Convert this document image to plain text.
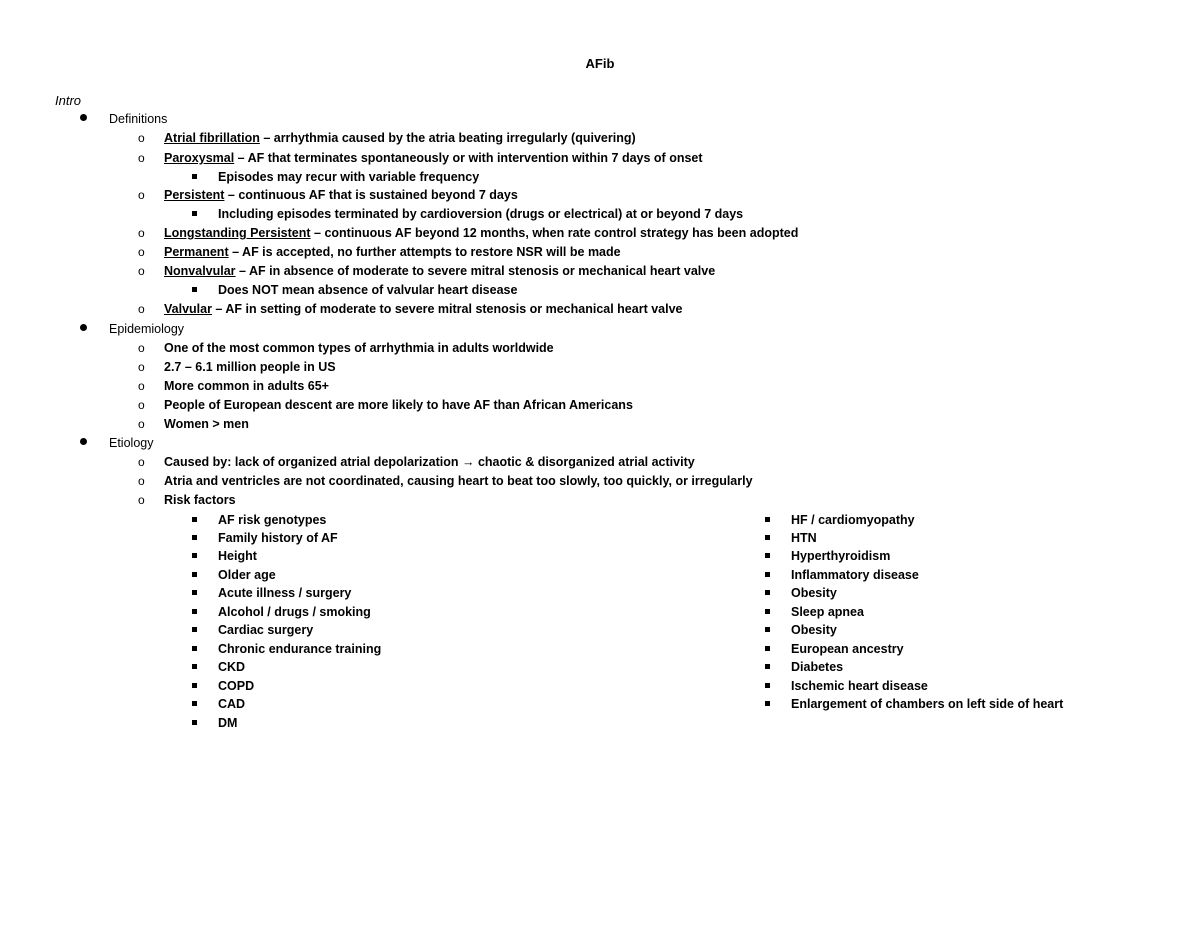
AFib
Intro
Definitions
o Atrial fibrillation – arrhythmia caused by the atria beating irregularly (quivering)
o Paroxysmal – AF that terminates spontaneously or with intervention within 7 days of onset
Episodes may recur with variable frequency
o Persistent – continuous AF that is sustained beyond 7 days
Including episodes terminated by cardioversion (drugs or electrical) at or beyond 7 days
o Longstanding Persistent – continuous AF beyond 12 months, when rate control strategy has been adopted
o Permanent – AF is accepted, no further attempts to restore NSR will be made
o Nonvalvular – AF in absence of moderate to severe mitral stenosis or mechanical heart valve
Does NOT mean absence of valvular heart disease
o Valvular – AF in setting of moderate to severe mitral stenosis or mechanical heart valve
Epidemiology
o One of the most common types of arrhythmia in adults worldwide
o 2.7 – 6.1 million people in US
o More common in adults 65+
o People of European descent are more likely to have AF than African Americans
o Women > men
Etiology
o Caused by: lack of organized atrial depolarization → chaotic & disorganized atrial activity
o Atria and ventricles are not coordinated, causing heart to beat too slowly, too quickly, or irregularly
o Risk factors
AF risk genotypes
Family history of AF
Height
Older age
Acute illness / surgery
Alcohol / drugs / smoking
Cardiac surgery
Chronic endurance training
CKD
COPD
CAD
DM
HF / cardiomyopathy
HTN
Hyperthyroidism
Inflammatory disease
Obesity
Sleep apnea
Obesity
European ancestry
Diabetes
Ischemic heart disease
Enlargement of chambers on left side of heart
